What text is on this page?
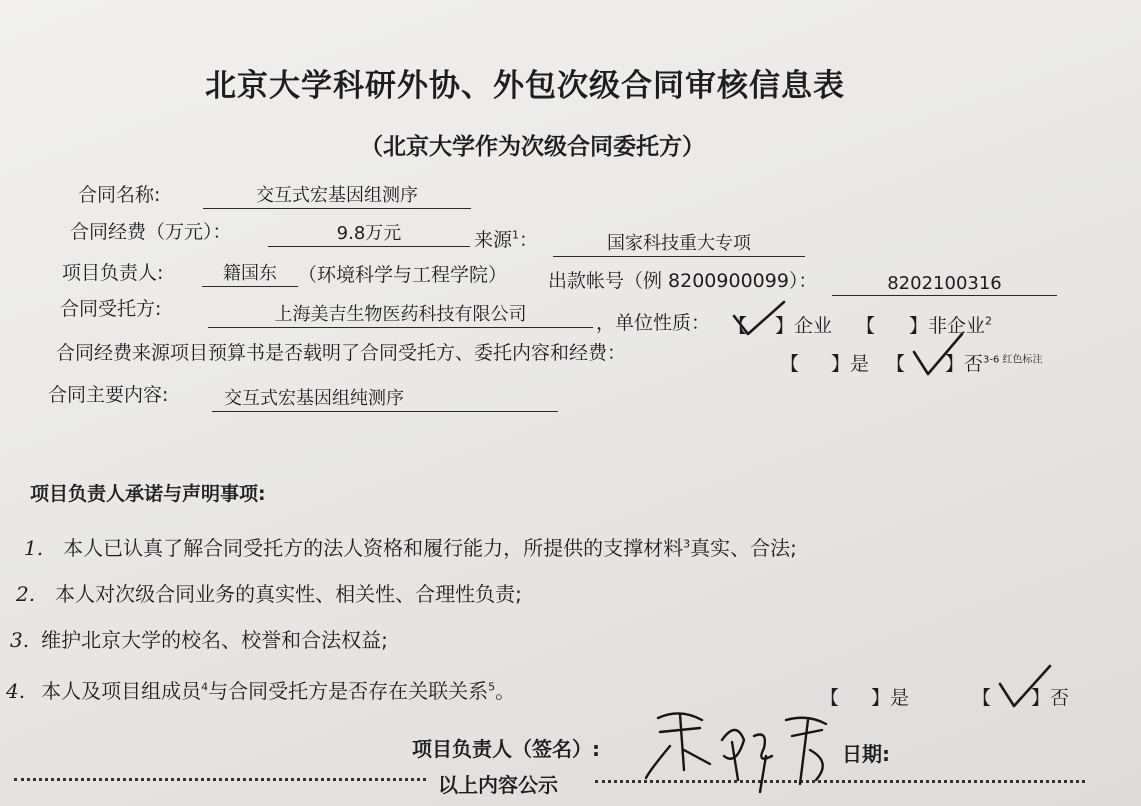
北京大学科研外协、外包次级合同审核信息表
（北京大学作为次级合同委托方）
合同名称:	交互式宏基因组测序
合同经费（万元）：	9.8万元	来源$^1$：	国家科技重大专项
项目负责人:	籍国东	（环境科学与工程学院） 出款帐号（例 8200900099）：	8202100316
合同受托方:	上海美吉生物医药科技有限公司	，单位性质： 【 】企业 【 】非企业$^2$
合同经费来源项目预算书是否载明了合同受托方、委托内容和经费：	【 】是 【 】否$^{3-6 红色标注}$
合同主要内容:	交互式宏基因组纯测序
项目负责人承诺与声明事项:
1. 本人已认真了解合同受托方的法人资格和履行能力，所提供的支撑材料$^3$真实、合法;
2. 本人对次级合同业务的真实性、相关性、合理性负责;
3. 维护北京大学的校名、校誉和合法权益;
4. 本人及项目组成员$^4$与合同受托方是否存在关联关系$^5$。	【 】是	【 】否
项目负责人（签名）:	日期:
以上内容公示
